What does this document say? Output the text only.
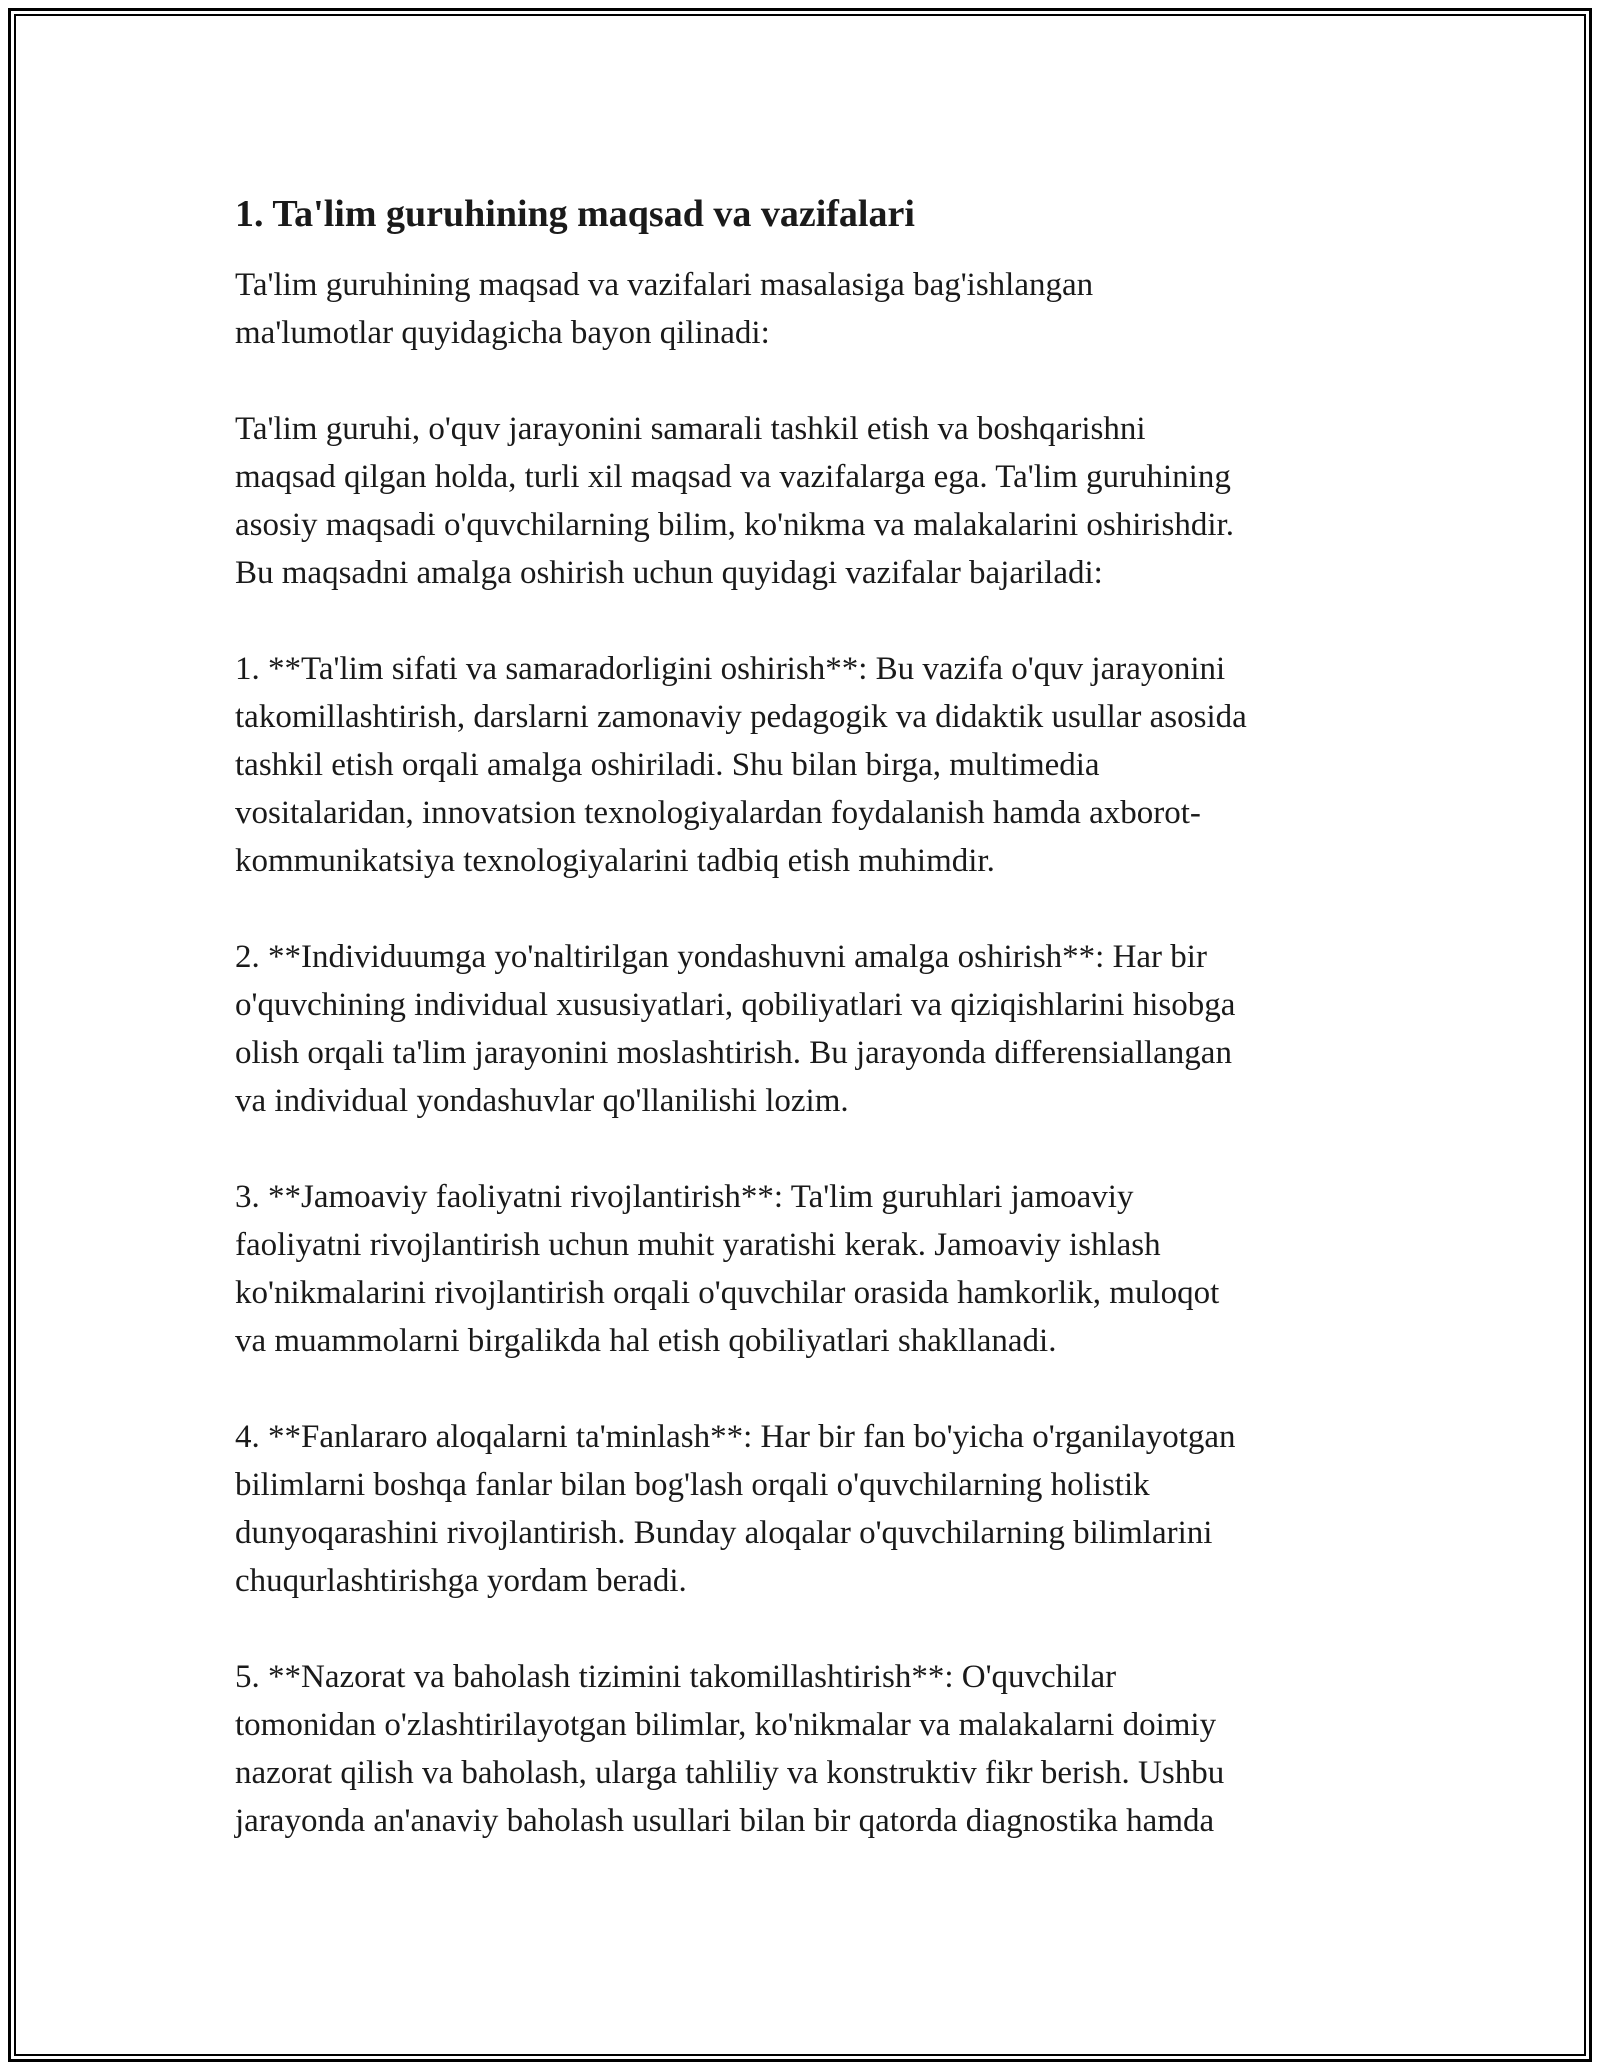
1. Ta'lim guruhining maqsad va vazifalari

Ta'lim guruhining maqsad va vazifalari masalasiga bag'ishlangan
ma'lumotlar quyidagicha bayon qilinadi:

Ta'lim guruhi, o'quv jarayonini samarali tashkil etish va boshqarishni
maqsad qilgan holda, turli xil maqsad va vazifalarga ega. Ta'lim guruhining
asosiy maqsadi o'quvchilarning bilim, ko'nikma va malakalarini oshirishdir.
Bu maqsadni amalga oshirish uchun quyidagi vazifalar bajariladi:

1. **Ta'lim sifati va samaradorligini oshirish**: Bu vazifa o'quv jarayonini
takomillashtirish, darslarni zamonaviy pedagogik va didaktik usullar asosida
tashkil etish orqali amalga oshiriladi. Shu bilan birga, multimedia
vositalaridan, innovatsion texnologiyalardan foydalanish hamda axborot-
kommunikatsiya texnologiyalarini tadbiq etish muhimdir.

2. **Individuumga yo'naltirilgan yondashuvni amalga oshirish**: Har bir
o'quvchining individual xususiyatlari, qobiliyatlari va qiziqishlarini hisobga
olish orqali ta'lim jarayonini moslashtirish. Bu jarayonda differensiallangan
va individual yondashuvlar qo'llanilishi lozim.

3. **Jamoaviy faoliyatni rivojlantirish**: Ta'lim guruhlari jamoaviy
faoliyatni rivojlantirish uchun muhit yaratishi kerak. Jamoaviy ishlash
ko'nikmalarini rivojlantirish orqali o'quvchilar orasida hamkorlik, muloqot
va muammolarni birgalikda hal etish qobiliyatlari shakllanadi.

4. **Fanlararo aloqalarni ta'minlash**: Har bir fan bo'yicha o'rganilayotgan
bilimlarni boshqa fanlar bilan bog'lash orqali o'quvchilarning holistik
dunyoqarashini rivojlantirish. Bunday aloqalar o'quvchilarning bilimlarini
chuqurlashtirishga yordam beradi.

5. **Nazorat va baholash tizimini takomillashtirish**: O'quvchilar
tomonidan o'zlashtirilayotgan bilimlar, ko'nikmalar va malakalarni doimiy
nazorat qilish va baholash, ularga tahliliy va konstruktiv fikr berish. Ushbu
jarayonda an'anaviy baholash usullari bilan bir qatorda diagnostika hamda
